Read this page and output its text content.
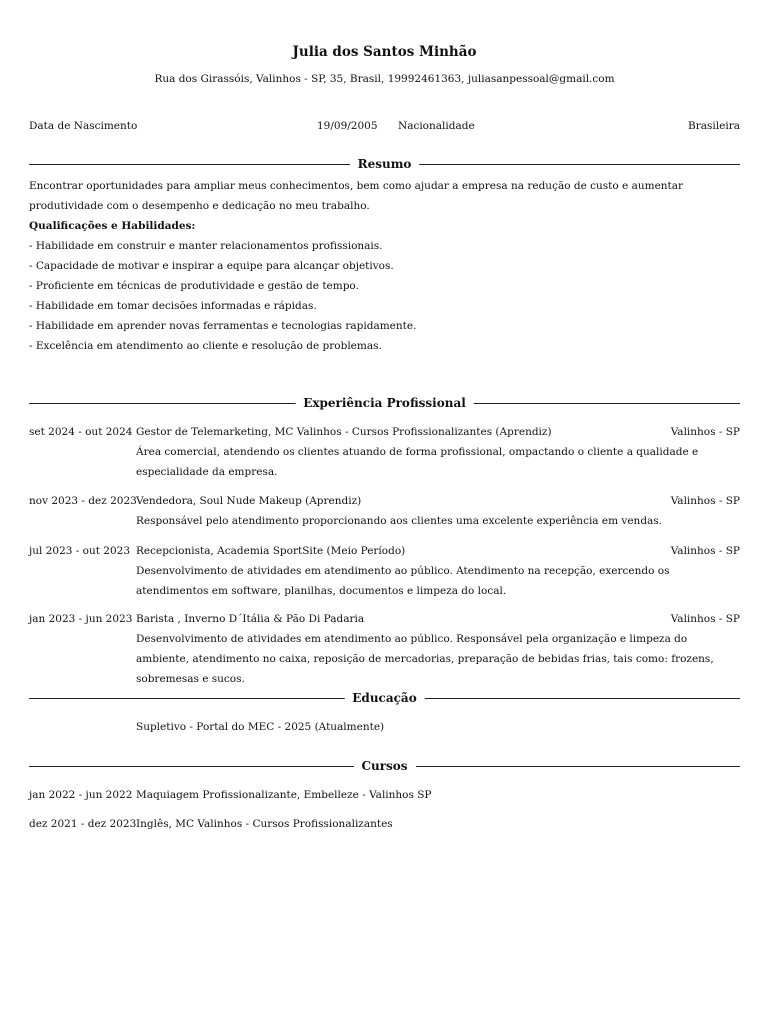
Julia dos Santos Minhão
Rua dos Girassóis, Valinhos - SP, 35, Brasil, 19992461363, juliasanpessoal@gmail.com
Data de Nascimento	19/09/2005 Nacionalidade	Brasileira
Resumo

Encontrar oportunidades para ampliar meus conhecimentos, bem como ajudar a empresa na redução de custo e aumentar produtividade com o desempenho e dedicação no meu trabalho.

Qualificações e Habilidades:

- Habilidade em construir e manter relacionamentos profissionais.

- Capacidade de motivar e inspirar a equipe para alcançar objetivos.

- Proficiente em técnicas de produtividade e gestão de tempo.

- Habilidade em tomar decisões informadas e rápidas.

- Habilidade em aprender novas ferramentas e tecnologias rapidamente.

- Excelência em atendimento ao cliente e resolução de problemas.

Experiência Profissional
set 2024 - out 2024 Gestor de Telemarketing, MC Valinhos - Cursos Profissionalizantes (Aprendiz)	Valinhos - SP

Área comercial, atendendo os clientes atuando de forma profissional, ompactando o cliente a qualidade e especialidade da empresa.

nov 2023 - dez 2023 Vendedora, Soul Nude Makeup (Aprendiz)	Valinhos - SP

Responsável pelo atendimento proporcionando aos clientes uma excelente experiência em vendas.

jul 2023 - out 2023 Recepcionista, Academia SportSite (Meio Período)	Valinhos - SP

Desenvolvimento de atividades em atendimento ao público. Atendimento na recepção, exercendo os atendimentos em software, planilhas, documentos e limpeza do local.

jan 2023 - jun 2023 Barista , Inverno D´Itália & Pão Di Padaria	Valinhos - SP

Desenvolvimento de atividades em atendimento ao público. Responsável pela organização e limpeza do ambiente, atendimento no caixa, reposição de mercadorias, preparação de bebidas frias, tais como: frozens, sobremesas e sucos.

Educação
Supletivo - Portal do MEC - 2025 (Atualmente)
Cursos
jan 2022 - jun 2022 Maquiagem Profissionalizante, Embelleze - Valinhos SP
dez 2021 - dez 2023 Inglês, MC Valinhos - Cursos Profissionalizantes
